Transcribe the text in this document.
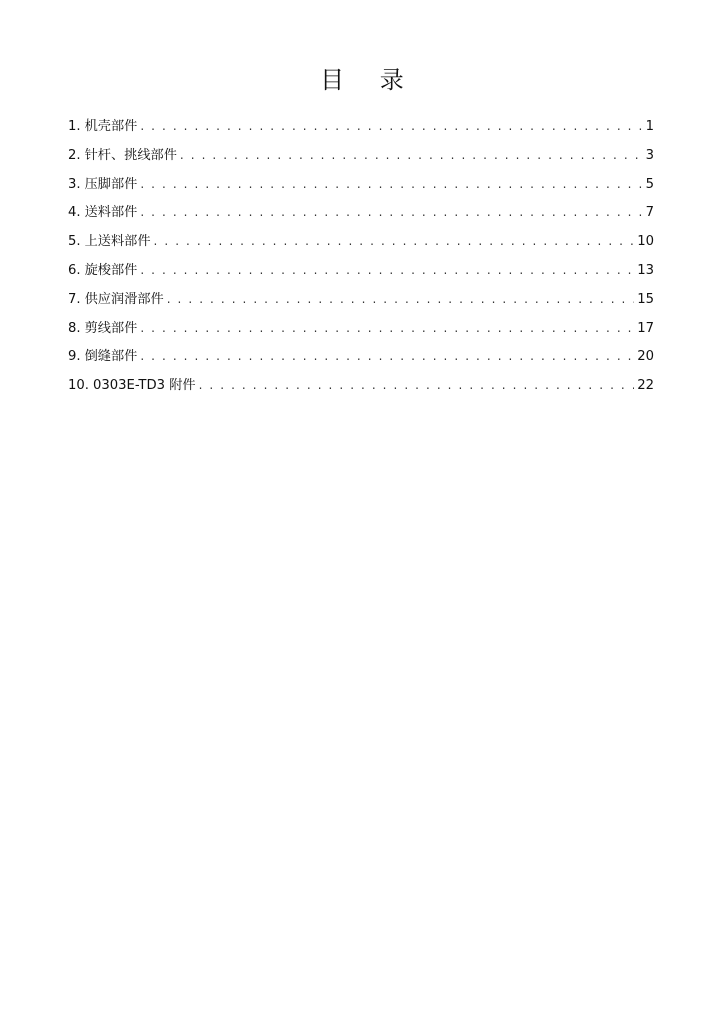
目 录
1. 机壳部件 . . .	1
2. 针杆、挑线部件 . . .	3
3. 压脚部件 . . .	5
4. 送料部件 . . .	7
5. 上送料部件 . . .	10
6. 旋梭部件 . . .	13
7. 供应润滑部件 . . .	15
8. 剪线部件 . . .	17
9. 倒缝部件 . . .	20
10. 0303E-TD3 附件 . . .	22
